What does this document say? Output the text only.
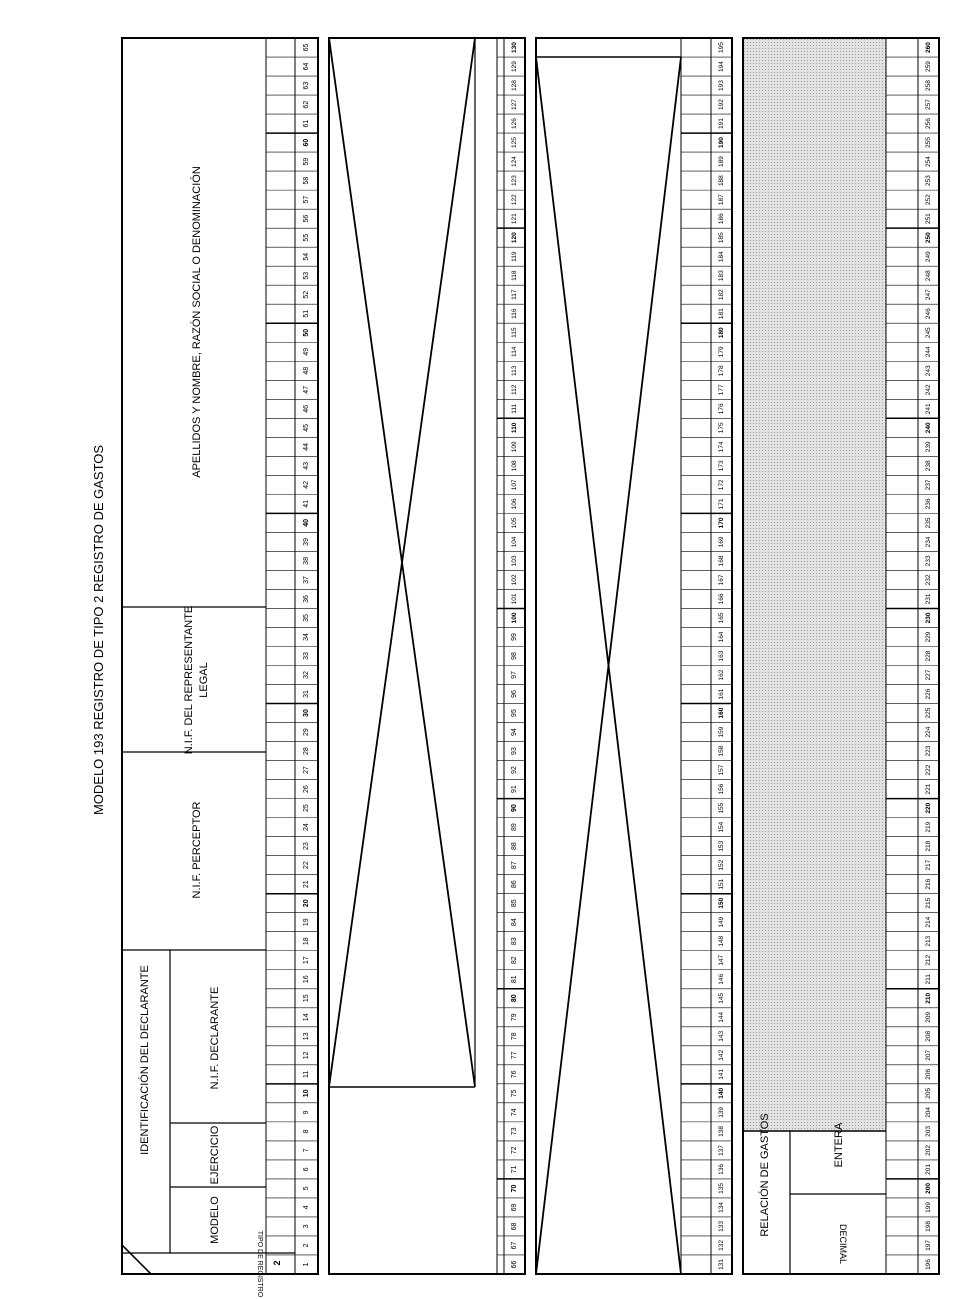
MODELO 193 REGISTRO DE TIPO 2 REGISTRO DE GASTOS
TIPO DE REGISTRO 2
IDENTIFICACIÓN DEL DECLARANTE
MODELO
EJERCICIO
N.I.F. DECLARANTE
N.I.F. PERCEPTOR
N.I.F. DEL REPRESENTANTE LEGAL
APELLIDOS Y NOMBRE, RAZÓN SOCIAL O DENOMINACIÓN
1
2
3
4
5
6
7
8
9
10
11
12
13
14
15
16
17
18
19
20
21
22
23
24
25
26
27
28
29
30
31
32
33
34
35
36
37
38
39
40
41
42
43
44
45
46
47
48
49
50
51
52
53
54
55
56
57
58
59
60
61
62
63
64
65
66
67
68
69
70
71
72
73
74
75
76
77
78
79
80
81
82
83
84
85
86
87
88
89
90
91
92
93
94
95
96
97
98
99
100
101
102
103
104
105
106
107
108
109
110
111
112
113
114
115
116
117
118
119
120
121
122
123
124
125
126
127
128
129
130
131
132
133
134
135
136
137
138
139
140
141
142
143
144
145
146
147
148
149
150
151
152
153
154
155
156
157
158
159
160
161
162
163
164
165
166
167
168
169
170
171
172
173
174
175
176
177
178
179
180
181
182
183
184
185
186
187
188
189
190
191
192
193
194
195
RELACIÓN DE GASTOS	ENTERA
DECIMAL
196
197
198
199
200
201
202
203
204
205
206
207
208
209
210
211
212
213
214
215
216
217
218
219
220
221
222
223
224
225
226
227
228
229
230
231
232
233
234
235
236
237
238
239
240
241
242
243
244
245
246
247
248
249
250
251
252
253
254
255
256
257
258
259
260
